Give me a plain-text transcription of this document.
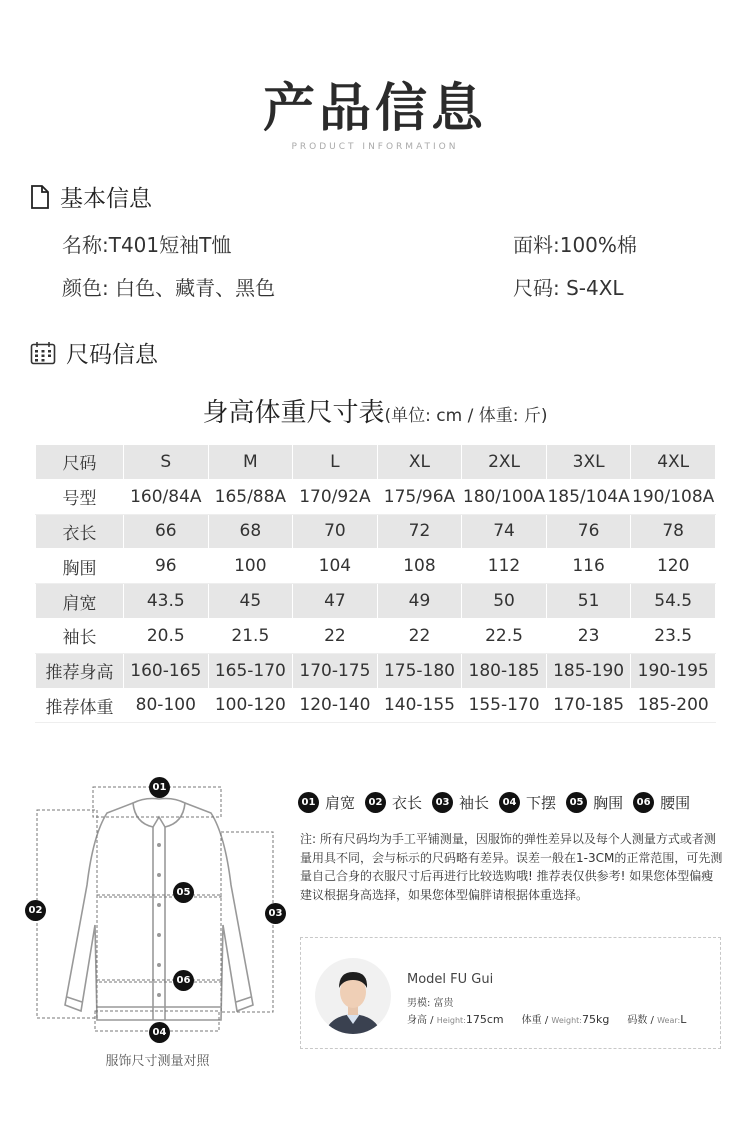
产品信息
PRODUCT INFORMATION
基本信息
名称:T401短袖T恤	面料:100%棉
颜色: 白色、藏青、黑色	尺码: S-4XL
尺码信息
身高体重尺寸表(单位: cm / 体重: 斤)
尺码	S	M	L	XL	2XL	3XL	4XL
号型	160/84A	165/88A	170/92A	175/96A	180/100A	185/104A	190/108A
衣长	66	68	70	72	74	76	78
胸围	96	100	104	108	112	116	120
肩宽	43.5	45	47	49	50	51	54.5
袖长	20.5	21.5	22	22	22.5	23	23.5
推荐身高	160-165	165-170	170-175	175-180	180-185	185-190	190-195
推荐体重	80-100	100-120	120-140	140-155	155-170	170-185	185-200
01
02	03
04
05
06
服饰尺寸测量对照
01 肩宽	02 衣长	03 袖长	04 下摆	05 胸围	06 腰围
注: 所有尺码均为手工平铺测量，因服饰的弹性差异以及每个人测量方式或者测量用具不同，会与标示的尺码略有差异。误差一般在1-3CM的正常范围，可先测量自己合身的衣服尺寸后再进行比较选购哦! 推荐表仅供参考! 如果您体型偏瘦建议根据身高选择，如果您体型偏胖请根据体重选择。
Model FU Gui
男模: 富贵
身高 / Height:175cm 体重 / Weight:75kg 码数 / Wear:L
